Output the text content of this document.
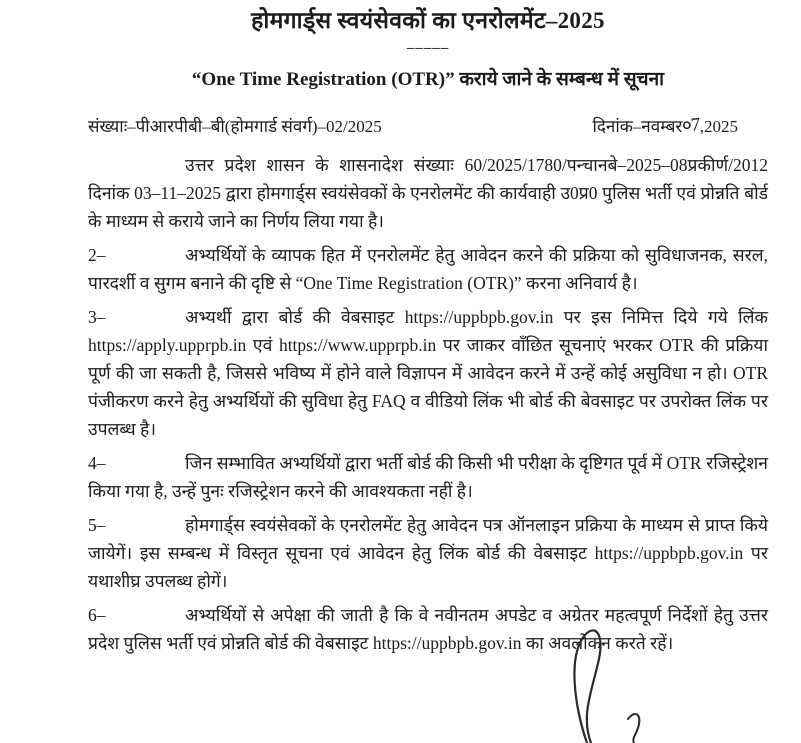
होमगार्ड्स स्वयंसेवकों का एनरोलमेंट–2025
–––––
“One Time Registration (OTR)” कराये जाने के सम्बन्ध में सूचना
संख्याः–पीआरपीबी–बी(होमगार्ड संवर्ग)–02/2025	दिनांक–नवम्बर०7,2025

उत्तर प्रदेश शासन के शासनादेश संख्याः 60/2025/1780/पन्चानबे–2025–08प्रकीर्ण/2012 दिनांक 03–11–2025 द्वारा होमगार्ड्स स्वयंसेवकों के एनरोलमेंट की कार्यवाही उ0प्र0 पुलिस भर्ती एवं प्रोन्नति बोर्ड के माध्यम से कराये जाने का निर्णय लिया गया है।

2–	अभ्यर्थियों के व्यापक हित में एनरोलमेंट हेतु आवेदन करने की प्रक्रिया को सुविधाजनक, सरल, पारदर्शी व सुगम बनाने की दृष्टि से “One Time Registration (OTR)” करना अनिवार्य है।

3–	अभ्यर्थी द्वारा बोर्ड की वेबसाइट https://uppbpb.gov.in पर इस निमित्त दिये गये लिंक https://apply.upprpb.in एवं https://www.upprpb.in पर जाकर वाँछित सूचनाएं भरकर OTR की प्रक्रिया पूर्ण की जा सकती है, जिससे भविष्य में होने वाले विज्ञापन में आवेदन करने में उन्हें कोई असुविधा न हो। OTR पंजीकरण करने हेतु अभ्यर्थियों की सुविधा हेतु FAQ व वीडियो लिंक भी बोर्ड की बेवसाइट पर उपरोक्त लिंक पर उपलब्ध है।

4–	जिन सम्भावित अभ्यर्थियों द्वारा भर्ती बोर्ड की किसी भी परीक्षा के दृष्टिगत पूर्व में OTR रजिस्ट्रेशन किया गया है, उन्हें पुनः रजिस्ट्रेशन करने की आवश्यकता नहीं है।

5–	होमगार्ड्स स्वयंसेवकों के एनरोलमेंट हेतु आवेदन पत्र ऑनलाइन प्रक्रिया के माध्यम से प्राप्त किये जायेगें। इस सम्बन्ध में विस्तृत सूचना एवं आवेदन हेतु लिंक बोर्ड की वेबसाइट https://uppbpb.gov.in पर यथाशीघ्र उपलब्ध होगें।

6–	अभ्यर्थियों से अपेक्षा की जाती है कि वे नवीनतम अपडेट व अग्रेतर महत्वपूर्ण निर्देशों हेतु उत्तर प्रदेश पुलिस भर्ती एवं प्रोन्नति बोर्ड की वेबसाइट https://uppbpb.gov.in का अवलोकन करते रहें।
